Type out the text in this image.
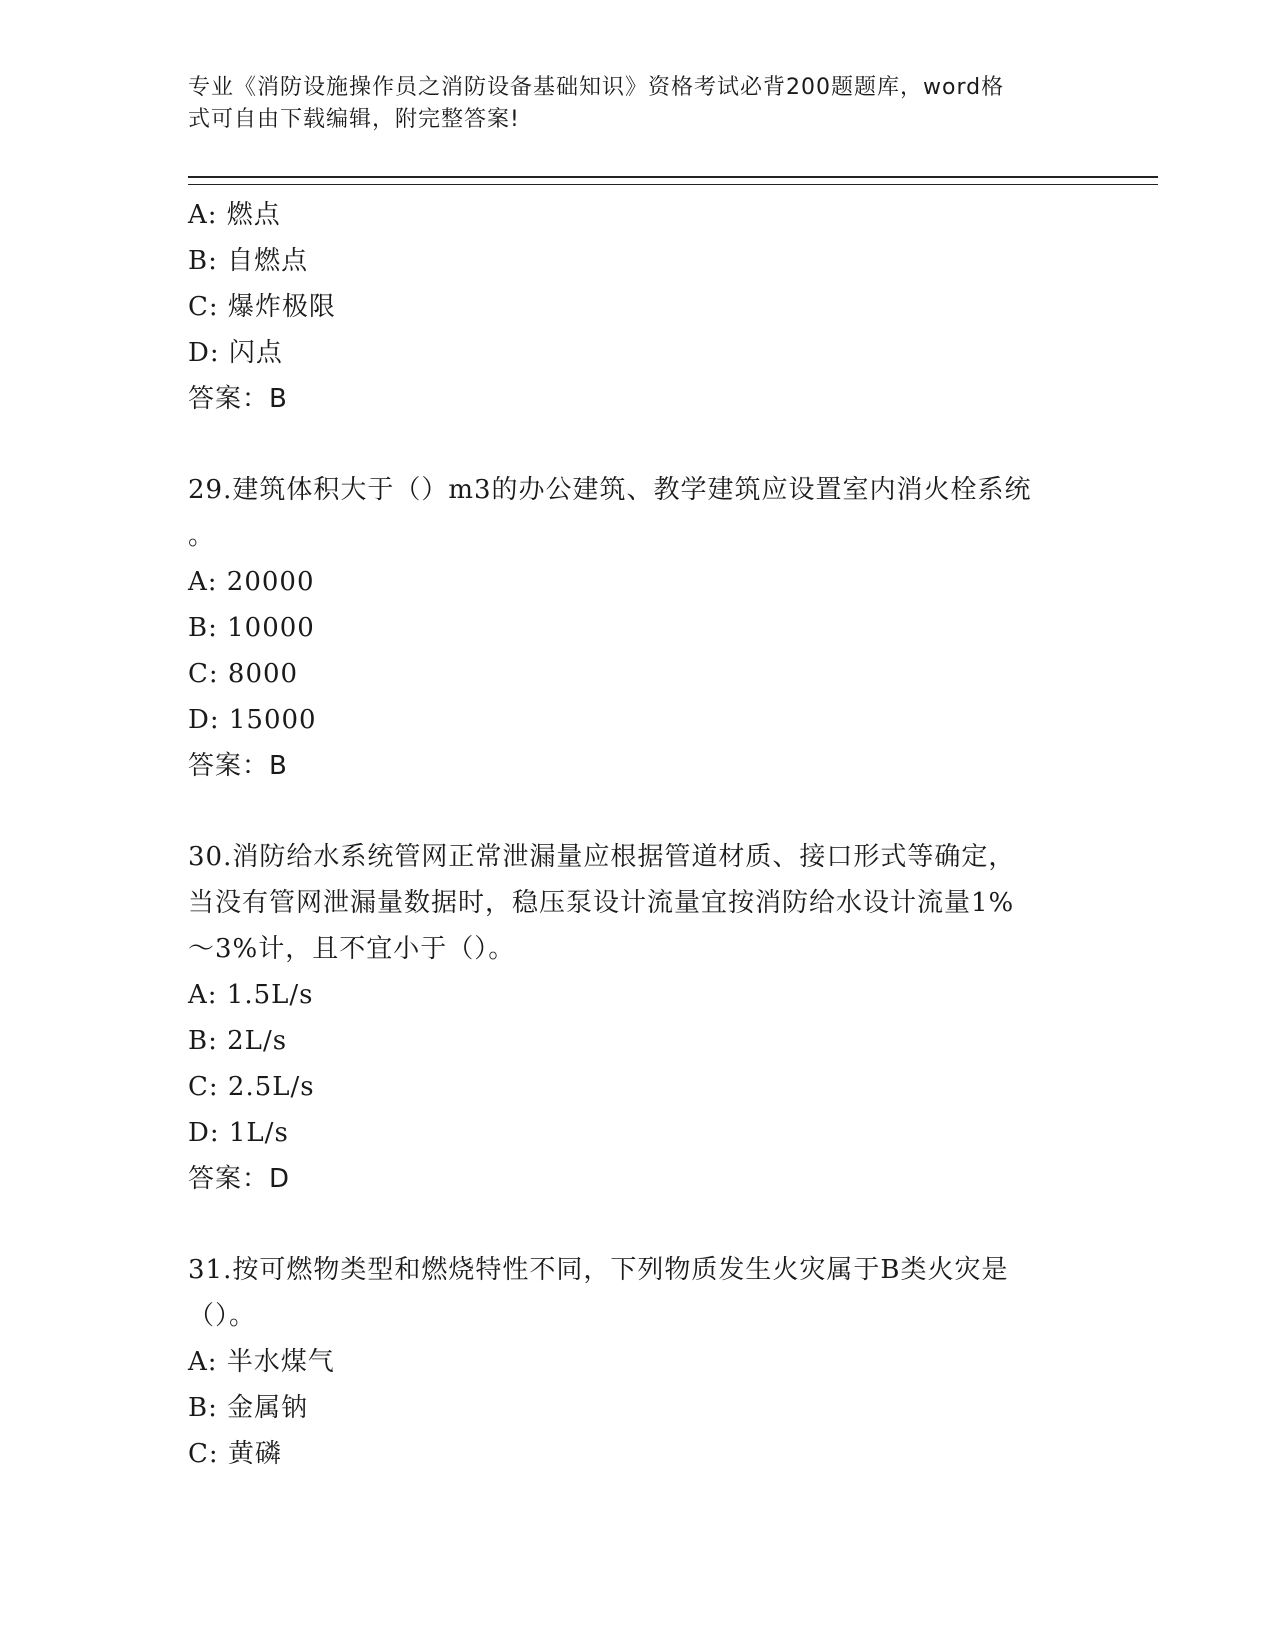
专业《消防设施操作员之消防设备基础知识》资格考试必背200题题库，word格
式可自由下载编辑，附完整答案!
A: 燃点
B: 自燃点
C: 爆炸极限
D: 闪点
答案：B
29.建筑体积大于（）m3的办公建筑、教学建筑应设置室内消火栓系统
。
A: 20000
B: 10000
C: 8000
D: 15000
答案：B
30.消防给水系统管网正常泄漏量应根据管道材质、接口形式等确定，
当没有管网泄漏量数据时，稳压泵设计流量宜按消防给水设计流量1%
～3%计，且不宜小于（）。
A: 1.5L/s
B: 2L/s
C: 2.5L/s
D: 1L/s
答案：D
31.按可燃物类型和燃烧特性不同，下列物质发生火灾属于B类火灾是
（）。
A: 半水煤气
B: 金属钠
C: 黄磷
